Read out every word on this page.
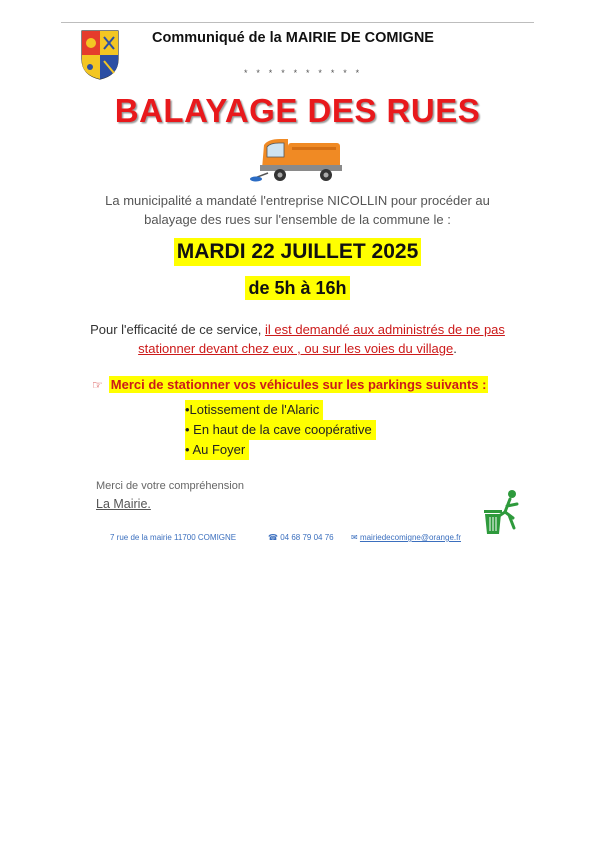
Communiqué de la MAIRIE DE COMIGNE
* * * * * * * * * *
BALAYAGE DES RUES
La municipalité a mandaté l'entreprise NICOLLIN pour procéder au
balayage des rues sur l'ensemble de la commune le :
MARDI 22 JUILLET 2025
de 5h à 16h
Pour l'efficacité de ce service, il est demandé aux administrés de ne pas stationner devant chez eux , ou sur les voies du village.
☞ Merci de stationner vos véhicules sur les parkings suivants :
•Lotissement de l'Alaric
• En haut de la cave coopérative
• Au Foyer
Merci de votre compréhension
La Mairie.
7 rue de la mairie 11700 COMIGNE	☎ 04 68 79 04 76 ✉ mairiedecomigne@orange.fr
